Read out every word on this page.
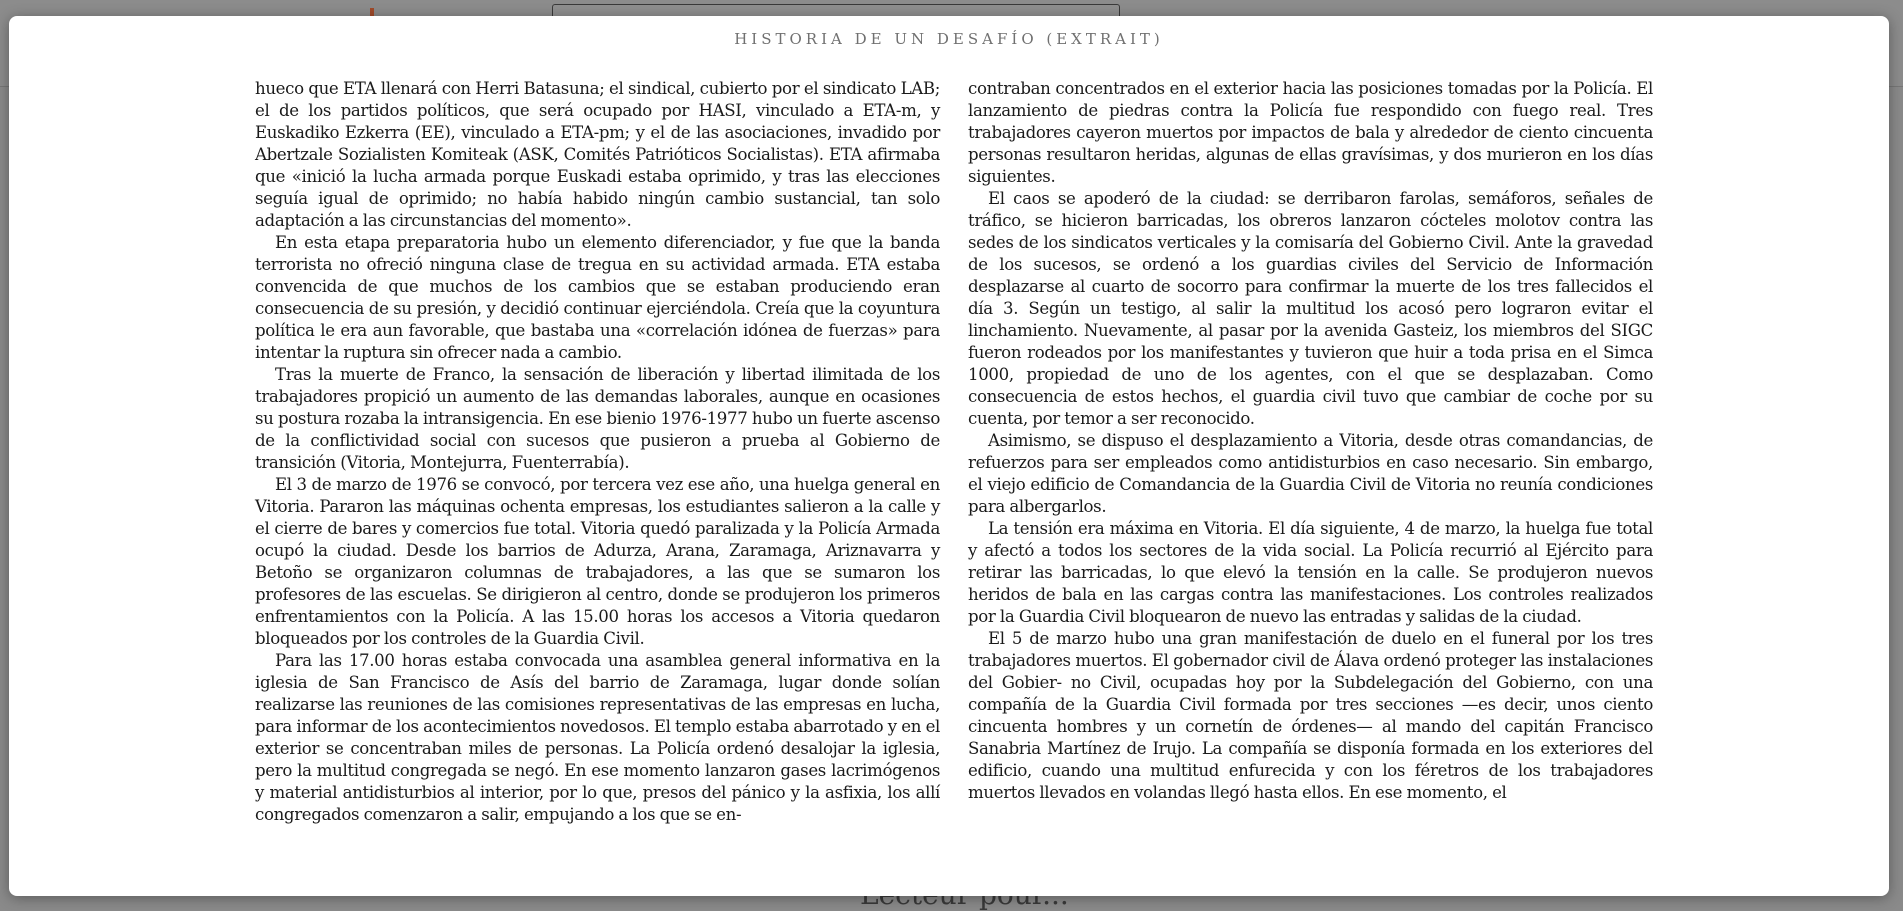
HISTORIA DE UN DESAFÍO (EXTRAIT)

hueco que ETA llenará con Herri Batasuna; el sindical, cubierto por el sindicato LAB; el de los partidos políticos, que será ocupado por HASI, vinculado a ETA-m, y Euskadiko Ezkerra (EE), vinculado a ETA-pm; y el de las asociaciones, invadido por Abertzale Sozialisten Komiteak (ASK, Comités Patrióticos Socialistas). ETA afirmaba que «inició la lucha armada porque Euskadi estaba oprimido, y tras las elecciones seguía igual de oprimido; no había habido ningún cambio sustancial, tan solo adaptación a las circunstancias del momento».

En esta etapa preparatoria hubo un elemento diferenciador, y fue que la banda terrorista no ofreció ninguna clase de tregua en su actividad armada. ETA estaba convencida de que muchos de los cambios que se estaban produciendo eran consecuencia de su presión, y decidió continuar ejerciéndola. Creía que la coyuntura política le era aun favorable, que bastaba una «correlación idónea de fuerzas» para intentar la ruptura sin ofrecer nada a cambio.

Tras la muerte de Franco, la sensación de liberación y libertad ilimitada de los trabajadores propició un aumento de las demandas laborales, aunque en ocasiones su postura rozaba la intransigencia. En ese bienio 1976-1977 hubo un fuerte ascenso de la conflictividad social con sucesos que pusieron a prueba al Gobierno de transición (Vitoria, Montejurra, Fuenterrabía).

El 3 de marzo de 1976 se convocó, por tercera vez ese año, una huelga general en Vitoria. Pararon las máquinas ochenta empresas, los estudiantes salieron a la calle y el cierre de bares y comercios fue total. Vitoria quedó paralizada y la Policía Armada ocupó la ciudad. Desde los barrios de Adurza, Arana, Zaramaga, Ariznavarra y Betoño se organizaron columnas de trabajadores, a las que se sumaron los profesores de las escuelas. Se dirigieron al centro, donde se produjeron los primeros enfrentamientos con la Policía. A las 15.00 horas los accesos a Vitoria quedaron bloqueados por los controles de la Guardia Civil.

Para las 17.00 horas estaba convocada una asamblea general informativa en la iglesia de San Francisco de Asís del barrio de Zaramaga, lugar donde solían realizarse las reuniones de las comisiones representativas de las empresas en lucha, para informar de los acontecimientos novedosos. El templo estaba abarrotado y en el exterior se concentraban miles de personas. La Policía ordenó desalojar la iglesia, pero la multitud congregada se negó. En ese momento lanzaron gases lacrimógenos y material antidisturbios al interior, por lo que, presos del pánico y la asfixia, los allí congregados comenzaron a salir, empujando a los que se en-

contraban concentrados en el exterior hacia las posiciones tomadas por la Policía. El lanzamiento de piedras contra la Policía fue respondido con fuego real. Tres trabajadores cayeron muertos por impactos de bala y alrededor de ciento cincuenta personas resultaron heridas, algunas de ellas gravísimas, y dos murieron en los días siguientes.

El caos se apoderó de la ciudad: se derribaron farolas, semáforos, señales de tráfico, se hicieron barricadas, los obreros lanzaron cócteles molotov contra las sedes de los sindicatos verticales y la comisaría del Gobierno Civil. Ante la gravedad de los sucesos, se ordenó a los guardias civiles del Servicio de Información desplazarse al cuarto de socorro para confirmar la muerte de los tres fallecidos el día 3. Según un testigo, al salir la multitud los acosó pero lograron evitar el linchamiento. Nuevamente, al pasar por la avenida Gasteiz, los miembros del SIGC fueron rodeados por los manifestantes y tuvieron que huir a toda prisa en el Simca 1000, propiedad de uno de los agentes, con el que se desplazaban. Como consecuencia de estos hechos, el guardia civil tuvo que cambiar de coche por su cuenta, por temor a ser reconocido.

Asimismo, se dispuso el desplazamiento a Vitoria, desde otras comandancias, de refuerzos para ser empleados como antidisturbios en caso necesario. Sin embargo, el viejo edificio de Comandancia de la Guardia Civil de Vitoria no reunía condiciones para albergarlos.

La tensión era máxima en Vitoria. El día siguiente, 4 de marzo, la huelga fue total y afectó a todos los sectores de la vida social. La Policía recurrió al Ejército para retirar las barricadas, lo que elevó la tensión en la calle. Se produjeron nuevos heridos de bala en las cargas contra las manifestaciones. Los controles realizados por la Guardia Civil bloquearon de nuevo las entradas y salidas de la ciudad.

El 5 de marzo hubo una gran manifestación de duelo en el funeral por los tres trabajadores muertos. El gobernador civil de Álava ordenó proteger las instalaciones del Gobier- no Civil, ocupadas hoy por la Subdelegación del Gobierno, con una compañía de la Guardia Civil formada por tres secciones —es decir, unos ciento cincuenta hombres y un cornetín de órdenes— al mando del capitán Francisco Sanabria Martínez de Irujo. La compañía se disponía formada en los exteriores del edificio, cuando una multitud enfurecida y con los féretros de los trabajadores muertos llevados en volandas llegó hasta ellos. En ese momento, el
